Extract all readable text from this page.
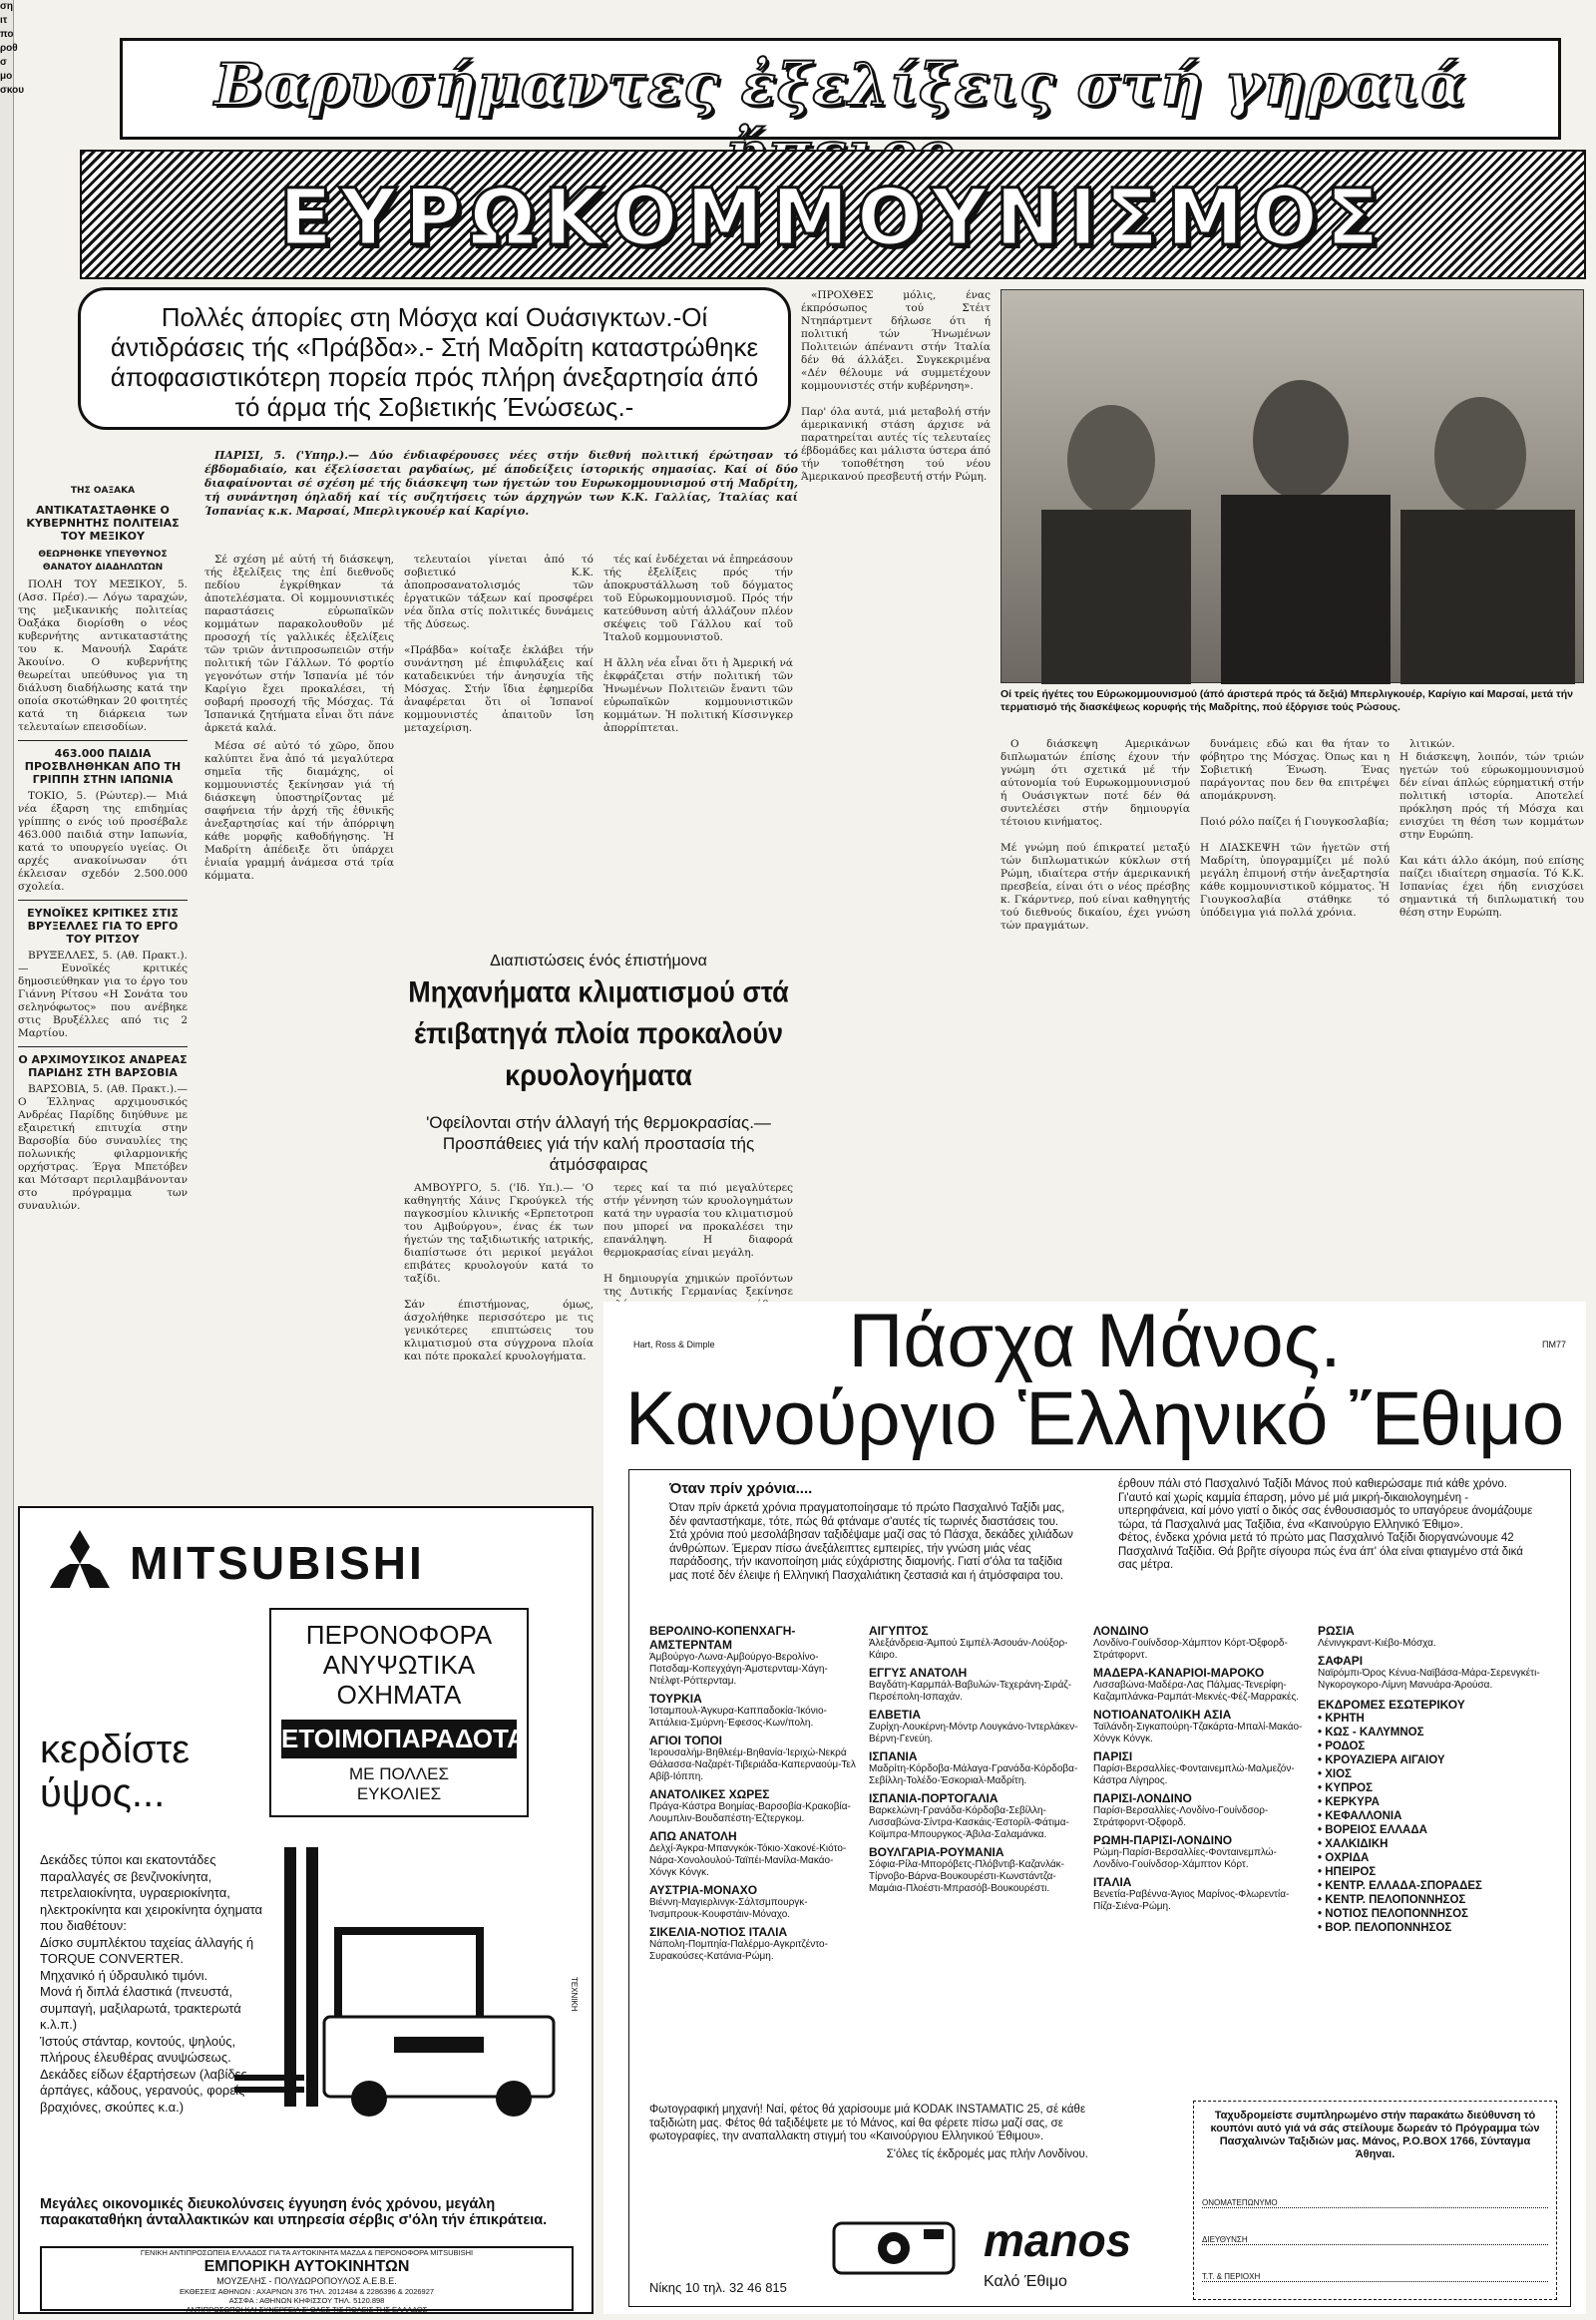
ση
ιτ
πο
ροθ
σ
μο
σκου
ΤΗΣ ΟΑΞΑΚΑ
ΑΝΤΙΚΑΤΑΣΤΑΘΗΚΕ Ο ΚΥΒΕΡΝΗΤΗΣ ΠΟΛΙΤΕΙΑΣ ΤΟΥ ΜΕΞΙΚΟΥ
ΘΕΩΡΗΘΗΚΕ ΥΠΕΥΘΥΝΟΣ ΘΑΝΑΤΟΥ ΔΙΑΔΗΛΩΤΩΝ

ΠΟΛΗ ΤΟΥ ΜΕΞΙΚΟΥ, 5. (Ασσ. Πρέσ).— Λόγω ταραχών, της μεξικανικής πολιτείας Όαξάκα διορίσθη ο νέος κυβερνήτης αντικαταστάτης του κ. Μανουήλ Σαράτε Άκουίνο. Ο κυβερνήτης θεωρείται υπεύθυνος για τη διάλυση διαδήλωσης κατά την οποία σκοτώθηκαν 20 φοιτητές κατά τη διάρκεια των τελευταίων επεισοδίων.

463.000 ΠΑΙΔΙΑ ΠΡΟΣΒΛΗΘΗΚΑΝ ΑΠΟ ΤΗ ΓΡΙΠΠΗ ΣΤΗΝ ΙΑΠΩΝΙΑ

ΤΟΚΙΟ, 5. (Ρώυτερ).— Μιά νέα έξαρση της επιδημίας γρίππης ο ενός ιού προσέβαλε 463.000 παιδιά στην Ιαπωνία, κατά το υπουργείο υγείας. Οι αρχές ανακοίνωσαν ότι έκλεισαν σχεδόν 2.500.000 σχολεία.

ΕΥΝΟΪΚΕΣ ΚΡΙΤΙΚΕΣ ΣΤΙΣ ΒΡΥΞΕΛΛΕΣ ΓΙΑ ΤΟ ΕΡΓΟ ΤΟΥ ΡΙΤΣΟΥ

ΒΡΥΞΕΛΛΕΣ, 5. (Αθ. Πρακτ.).— Ευνοϊκές κριτικές δημοσιεύθηκαν για το έργο του Γιάννη Ρίτσου «Η Σονάτα του σεληνόφωτος» που ανέβηκε στις Βρυξέλλες από τις 2 Μαρτίου.

Ο ΑΡΧΙΜΟΥΣΙΚΟΣ ΑΝΔΡΕΑΣ ΠΑΡΙΔΗΣ ΣΤΗ ΒΑΡΣΟΒΙΑ

ΒΑΡΣΟΒΙΑ, 5. (Αθ. Πρακτ.).— Ο Έλληνας αρχιμουσικός Ανδρέας Παρίδης διηύθυνε με εξαιρετική επιτυχία στην Βαρσοβία δύο συναυλίες της πολωνικής φιλαρμονικής ορχήστρας. Έργα Μπετόβεν και Μότσαρτ περιλαμβάνονταν στο πρόγραμμα των συναυλιών.

Βαρυσήμαντες ἐξελίξεις στή γηραιά
ΕΥΡΩΚΟΜΜΟΥΝΙΣΜΟΣ
Πολλές άπορίες στη Μόσχα καί Ουάσιγκτων.-Οί άντιδράσεις τής «Πράβδα».- Στή Μαδρίτη καταστρώθηκε άποφασιστικότερη πορεία πρός πλήρη άνεξαρτησία άπό τό άρμα τής Σοβιετικής Ένώσεως.-

ΠΑΡΙΣΙ, 5. ('Υπηρ.).— Δύο ένδιαφέρουσες νέες στήν διεθνή πολιτική έρώτησαν τό έβδομαδιαίο, και έξελίσσεται ραγδαίως, μέ άποδείξεις ίστορικής σημασίας. Καί οί δύο διαφαίνονται σέ σχέση μέ τής διάσκεψη των ήγετών του Ευρωκομμουνισμού στή Μαδρίτη, τή συνάντηση όηλαδή καί τίς συζητήσεις τών άρχηγών των Κ.Κ. Γαλλίας, Ίταλίας καί Ίσπανίας κ.κ. Μαρσαί, Μπερλιγκουέρ καί Καρίγιο.

Σέ σχέση μέ αὐτή τή διάσκεψη, τής ἐξελίξεις της ἐπί διεθνοῦς πεδίου ἐγκρίθηκαν τά ἀποτελέσματα. Οἱ κομμουνιστικές παραστάσεις εὐρωπαϊκῶν κομμάτων παρακολουθοῦν μέ προσοχή τίς γαλλικές ἐξελίξεις τῶν τριῶν ἀντιπροσωπειῶν στήν πολιτική τῶν Γάλλων. Τό φορτίο γεγονότων στήν Ἰσπανία μέ τόν Καρίγιο ἔχει προκαλέσει, τή σοβαρή προσοχή τῆς Μόσχας. Τά Ἰσπανικά ζητήματα εἶναι ὅτι πάνε ἀρκετά καλά.

Μέσα σέ αὐτό τό χῶρο, ὅπου καλύπτει ἕνα ἀπό τά μεγαλύτερα σημεῖα τῆς διαμάχης, οἱ κομμουνιστές ξεκίνησαν γιά τή διάσκεψη ὑποστηρίζοντας μέ σαφήνεια τήν ἀρχή τῆς ἐθνικῆς ἀνεξαρτησίας καί τήν ἀπόρριψη κάθε μορφῆς καθοδήγησης. Ἡ Μαδρίτη ἀπέδειξε ὅτι ὑπάρχει ἑνιαία γραμμή ἀνάμεσα στά τρία κόμματα.

τελευταίοι γίνεται ἀπό τό σοβιετικό Κ.Κ. ἀποπροσανατολισμός τῶν ἐργατικῶν τάξεων καί προσφέρει νέα ὅπλα στίς πολιτικές δυνάμεις τῆς Δύσεως.

«Πράβδα» κοίταξε ἐκλάβει τήν συνάντηση μέ ἐπιφυλάξεις καί καταδεικνύει τήν ἀνησυχία τῆς Μόσχας. Στήν ἴδια ἐφημερίδα ἀναφέρεται ὅτι οἱ Ἰσπανοί κομμουνιστές ἀπαιτοῦν ἴση μεταχείριση.

τές καί ἐνδέχεται νά ἐπηρεάσουν τής ἐξελίξεις πρός τήν ἀποκρυστάλλωση τοῦ δόγματος τοῦ Εὐρωκομμουνισμοῦ. Πρός τήν κατεύθυνση αὐτή ἀλλάζουν πλέον σκέψεις τοῦ Γάλλου καί τοῦ Ἰταλοῦ κομμουνιστοῦ.

Η ἄλλη νέα εἶναι ὅτι ἡ Ἀμερική νά ἐκφράζεται στήν πολιτική τῶν Ἡνωμένων Πολιτειῶν ἔναντι τῶν εὐρωπαϊκῶν κομμουνιστικῶν κομμάτων. Ἡ πολιτική Κίσσινγκερ ἀπορρίπτεται.

«ΠΡΟΧΘΕΣ μόλις, ένας έκπρόσωπος τού Στέιτ Ντηπάρτμεντ δήλωσε ότι ή πολιτική τών Ήνωμένων Πολιτειών άπέναντι στήν Ίταλία δέν θά άλλάξει. Συγκεκριμένα «Δέν θέλουμε νά συμμετέχουν κομμουνιστές στήν κυβέρνηση».

Παρ' όλα αυτά, μιά μεταβολή στήν άμερικανική στάση άρχισε νά παρατηρείται αυτές τίς τελευταίες έβδομάδες και μάλιστα ύστερα άπό τήν τοποθέτηση τού νέου Άμερικανού πρεσβευτή στήν Ρώμη.

Οί τρείς ήγέτες του Εύρωκομμουνισμού (άπό άριστερά πρός τά δεξιά) Μπερλιγκουέρ, Καρίγιο καί Μαρσαί, μετά τήν τερματισμό τής διασκέψεως κορυφής τής Μαδρίτης, πού έξόργισε τούς Ρώσους.

Ο διάσκεψη Αμερικάνων διπλωματών έπίσης έχουν τήν γνώμη ότι σχετικά μέ τήν αύτονομία τού Ευρωκομμουνισμού ή Ουάσιγκτων ποτέ δέν θά συντελέσει στήν δημιουργία τέτοιου κινήματος.

Μέ γνώμη πού έπικρατεί μεταξύ τών διπλωματικών κύκλων στή Ρώμη, ιδιαίτερα στήν άμερικανική πρεσβεία, είναι ότι ο νέος πρέσβης κ. Γκάρντνερ, πού είναι καθηγητής τού διεθνούς δικαίου, έχει γνώση τών πραγμάτων.

δυνάμεις εδώ και θα ήταν το φόβητρο της Μόσχας. Όπως και η Σοβιετική Ένωση. Ένας παράγοντας που δεν θα επιτρέψει απομάκρυνση.

Ποιό ρόλο παίζει ή Γιουγκοσλαβία;

Η ΔΙΑΣΚΕΨΗ τῶν ἡγετῶν στή Μαδρίτη, ὑπογραμμίζει μέ πολύ μεγάλη ἐπιμονή στήν ἀνεξαρτησία κάθε κομμουνιστικοῦ κόμματος. Ἡ Γιουγκοσλαβία στάθηκε τό ὑπόδειγμα γιά πολλά χρόνια.

λιτικών.
Η διάσκεψη, λοιπόν, τών τριών ηγετών τού εύρωκομμουνισμού δέν είναι άπλώς εύρηματική στήν πολιτική ιστορία. Αποτελεί πρόκληση πρός τή Μόσχα και ενισχύει τη θέση των κομμάτων στην Ευρώπη.

Και κάτι άλλο άκόμη, πού επίσης παίζει ιδιαίτερη σημασία. Τό Κ.Κ. Ισπανίας έχει ήδη ενισχύσει σημαντικά τή διπλωματική του θέση στην Ευρώπη.

Διαπιστώσεις ένός έπιστήμονα
Μηχανήματα κλιματισμού στά έπιβατηγά πλοία προκαλούν κρυολογήματα
'Οφείλονται στήν άλλαγή τής θερμοκρασίας.— Προσπάθειες γιά τήν καλή προστασία τής άτμόσφαιρας

ΑΜΒΟΥΡΓΟ, 5. ('Ιδ. Υπ.).— 'Ο καθηγητής Χάινς Γκρούγκελ τής παγκοσμίου κλινικής «Ερπετοτροπ του Αμβούργου», ένας έκ των ήγετών της ταξιδιωτικής ιατρικής, διαπίστωσε ότι μερικοί μεγάλοι επιβάτες κρυολογούν κατά το ταξίδι.

Σάν έπιστήμονας, όμως, άσχολήθηκε περισσότερο με τις γενικότερες επιπτώσεις του κλιματισμού στα σύγχρονα πλοία και πότε προκαλεί κρυολογήματα.

τερες καί τα πιό μεγαλύτερες στήν γέννηση τών κρυολογημάτων κατά την υγρασία του κλιματισμού που μπορεί να προκαλέσει την επανάληψη. Η διαφορά θερμοκρασίας είναι μεγάλη.

Η δημιουργία χημικών προϊόντων της Δυτικής Γερμανίας ξεκίνησε

MITSUBISHI
κερδίστε ύψος...
ΠΕΡΟΝΟΦΟΡΑ ΑΝΥΨΩΤΙΚΑ ΟΧΗΜΑΤΑ
ΕΤΟΙΜΟΠΑΡΑΔΟΤΑ
ΜΕ ΠΟΛΛΕΣ ΕΥΚΟΛΙΕΣ
ΤΕΧΝΙΚΗ
Δεκάδες τύποι και εκατοντάδες παραλλαγές σε βενζινοκίνητα, πετρελαιοκίνητα, υγραεριοκίνητα, ηλεκτροκίνητα και χειροκίνητα όχηματα που διαθέτουν:
Δίσκο συμπλέκτου ταχείας άλλαγής ή TORQUE CONVERTER.
Μηχανικό ή ύδραυλικό τιμόνι.
Μονά ή διπλά έλαστικά (πνευστά, συμπαγή, μαξιλαρωτά, τρακτερωτά κ.λ.π.)
Ίστούς στάνταρ, κοντούς, ψηλούς, πλήρους έλευθέρας ανυψώσεως.
Δεκάδες είδων έξαρτήσεων (λαβίδες, άρπάγες, κάδους, γερανούς, φορείς βραχιόνες, σκούπες κ.α.)
Μεγάλες οικονομικές διευκολύνσεις έγγυηση ένός χρόνου, μεγάλη παρακαταθήκη άνταλλακτικών και υπηρεσία σέρβις σ'όλη τήν έπικράτεια.
ΓΕΝΙΚΗ ΑΝΤΙΠΡΟΣΩΠΕΙΑ ΕΛΛΑΔΟΣ ΓΙΑ ΤΑ ΑΥΤΟΚΙΝΗΤΑ ΜΑΖΔΑ & ΠΕΡΟΝΟΦΟΡΑ MITSUBISHI
ΕΜΠΟΡΙΚΗ ΑΥΤΟΚΙΝΗΤΩΝ
ΜΟΥΖΕΛΗΣ - ΠΟΛΥΔΩΡΟΠΟΥΛΟΣ Α.Ε.Β.Ε.
ΕΚΘΕΣΕΙΣ ΑΘΗΝΩΝ : ΑΧΑΡΝΩΝ 376 ΤΗΛ. 2012484 & 2286396 & 2026927
ΑΣΣΦΑ : ΑΘΗΝΩΝ ΚΗΦΙΣΣΟΥ ΤΗΛ. 5120.898
ΑΝΤΙΠΡΟΣΩΠΟΙ ΚΑΙ ΣΥΝΕΡΓΕΙΑ Σ' ΟΛΕΣ ΤΙΣ ΠΟΛΕΙΣ ΤΗΣ ΕΛΛΑΔΟΣ
Hart, Ross & Dimple	ΠΜ77
Πάσχα Μάνος.
Καινούργιο Ἑλληνικό Ἔθιμο
Όταν πρίν χρόνια....
Όταν πρίν άρκετά χρόνια πραγματοποίησαμε τό πρώτο Πασχαλινό Ταξίδι μας, δέν φανταστήκαμε, τότε, πώς θά φτάναμε σ'αυτές τίς τωρινές διαστάσεις του.
Στά χρόνια πού μεσολάβησαν ταξιδέψαμε μαζί σας τό Πάσχα, δεκάδες χιλιάδων άνθρώπων. Έμεραν πίσω άνεξάλειπτες εμπειρίες, τήν γνώση μιάς νέας παράδοσης, τήν ικανοποίηση μιάς εύχάριστης διαμονής. Γιατί σ'όλα τα ταξίδια μας ποτέ δέν έλειψε ή Ελληνική Πασχαλιάτικη ζεστασιά και ή άτμόσφαιρα του.
έρθουν πάλι στό Πασχαλινό Ταξίδι Μάνος πού καθιερώσαμε πιά κάθε χρόνο.
Γι'αυτό καί χωρίς καμμία έπαρση, μόνο μέ μιά μικρή-δικαιολογημένη - υπερηφάνεια, καί μόνο γιατί ο δικός σας ένθουσιασμός το υπαγόρευε άνομάζουμε τώρα, τά Πασχαλινά μας Ταξίδια, ένα «Καινούργιο Ελληνικό Έθιμο».
Φέτος, ένδεκα χρόνια μετά τό πρώτο μας Πασχαλινό Ταξίδι διοργανώνουμε 42 Πασχαλινά Ταξίδια. Θά βρῆτε σίγουρα πώς ένα άπ' όλα είναι φτιαγμένο στά δικά σας μέτρα.
ΒΕΡΟΛΙΝΟ-ΚΟΠΕΝΧΑΓΗ-ΑΜΣΤΕΡΝΤΑΜ
Άμβούργο-Λωνα-Αμβούργο-Βερολίνο-Ποτσδαμ-Κοπεγχάγη-Άμστερνταμ-Χάγη-Ντέλφτ-Ρόττερνταμ.
ΤΟΥΡΚΙΑ
Ίσταμπουλ-Άγκυρα-Καππαδοκία-Ίκόνιο-Άττάλεια-Σμύρνη-Έφεσος-Κων/πολη.
ΑΓΙΟΙ ΤΟΠΟΙ
Ίερουσαλήμ-Βηθλεέμ-Βηθανία-Ίεριχώ-Νεκρά Θάλασσα-Ναζαρέτ-Τιβεριάδα-Καπερναούμ-Τελ Αβίβ-Ιόππη.
ΑΝΑΤΟΛΙΚΕΣ ΧΩΡΕΣ
Πράγα-Κάστρα Βοημίας-Βαρσοβία-Κρακοβία-Λουμπλιν-Βουδαπέστη-Έζτεργκομ.
ΑΠΩ ΑΝΑΤΟΛΗ
Δελχί-Άγκρα-Μπανγκόκ-Τόκιο-Χακονέ-Κιότο-Νάρα-Χονολουλού-Ταϊπέι-Μανίλα-Μακάο-Χόνγκ Κόνγκ.
ΑΥΣΤΡΙΑ-ΜΟΝΑΧΟ
Βιέννη-Μαγιερλινγκ-Σάλτσμπουργκ-Ίνσμπρουκ-Κουφστάιν-Μόναχο.
ΣΙΚΕΛΙΑ-ΝΟΤΙΟΣ ΙΤΑΛΙΑ
Νάπολη-Πομπηία-Παλέρμο-Αγκριτζέντο-Συρακούσες-Κατάνια-Ρώμη.
ΑΙΓΥΠΤΟΣ
Άλεξάνδρεια-Άμπού Σιμπέλ-Άσουάν-Λούξορ-Κάιρο.
ΕΓΓΥΣ ΑΝΑΤΟΛΗ
Βαγδάτη-Καρμπάλ-Βαβυλών-Τεχεράνη-Σιράζ-Περσέπολη-Ισπαχάν.
ΕΛΒΕΤΙΑ
Ζυρίχη-Λουκέρνη-Μόντρ Λουγκάνο-Ίντερλάκεν-Βέρνη-Γενεύη.
ΙΣΠΑΝΙΑ
Μαδρίτη-Κόρδοβα-Μάλαγα-Γρανάδα-Κόρδοβα-Σεβίλλη-Τολέδο-Έσκοριαλ-Μαδρίτη.
ΙΣΠΑΝΙΑ-ΠΟΡΤΟΓΑΛΙΑ
Βαρκελώνη-Γρανάδα-Κόρδοβα-Σεβίλλη-Λισσαβώνα-Σίντρα-Κασκάις-Έστορίλ-Φάτιμα-Κοϊμπρα-Μπουργκος-Άβιλα-Σαλαμάνκα.
ΒΟΥΛΓΑΡΙΑ-ΡΟΥΜΑΝΙΑ
Σόφια-Ρίλα-Μπορόβετς-Πλόβντιβ-Καζανλάκ-Τίρνοβο-Βάρνα-Βουκουρέστι-Κωνστάντζα-Μαμάια-Πλοέστι-Μπρασόβ-Βουκουρέστι.
ΛΟΝΔΙΝΟ
Λονδίνο-Γουίνδσορ-Χάμπτον Κόρτ-Όξφορδ-Στράτφορντ.
ΜΑΔΕΡΑ-ΚΑΝΑΡΙΟΙ-ΜΑΡΟΚΟ
Λισσαβώνα-Μαδέρα-Λας Πάλμας-Τενερίφη-Καζαμπλάνκα-Ραμπάτ-Μεκνές-Φέζ-Μαρρακές.
ΝΟΤΙΟΑΝΑΤΟΛΙΚΗ ΑΣΙΑ
Ταϊλάνδη-Σιγκαπούρη-Τζακάρτα-Μπαλί-Μακάο-Χόνγκ Κόνγκ.
ΠΑΡΙΣΙ
Παρίσι-Βερσαλλίες-Φονταινεμπλώ-Μαλμεζόν-Κάστρα Λίγηρος.
ΠΑΡΙΣΙ-ΛΟΝΔΙΝΟ
Παρίσι-Βερσαλλίες-Λονδίνο-Γουίνδσορ-Στράτφορντ-Όξφορδ.
ΡΩΜΗ-ΠΑΡΙΣΙ-ΛΟΝΔΙΝΟ
Ρώμη-Παρίσι-Βερσαλλίες-Φονταινεμπλώ-Λονδίνο-Γουίνδσορ-Χάμπτον Κόρτ.
ΙΤΑΛΙΑ
Βενετία-Ραβέννα-Άγιος Μαρίνος-Φλωρεντία-Πίζα-Σιένα-Ρώμη.
ΡΩΣΙΑ
Λένινγκραντ-Κιέβο-Μόσχα.
ΣΑΦΑΡΙ
Ναϊρόμπι-Όρος Κένυα-Ναϊβάσα-Μάρα-Σερενγκέτι-Νγκορογκορο-Λίμνη Μανυάρα-Άρούσα.
ΕΚΔΡΟΜΕΣ ΕΣΩΤΕΡΙΚΟΥ
• ΚΡΗΤΗ
• ΚΩΣ - ΚΑΛΥΜΝΟΣ
• ΡΟΔΟΣ
• ΚΡΟΥΑΖΙΕΡΑ ΑΙΓΑΙΟΥ
• ΧΙΟΣ
• ΚΥΠΡΟΣ
• ΚΕΡΚΥΡΑ
• ΚΕΦΑΛΛΟΝΙΑ
• ΒΟΡΕΙΟΣ ΕΛΛΑΔΑ
• ΧΑΛΚΙΔΙΚΗ
• ΟΧΡΙΔΑ
• ΗΠΕΙΡΟΣ
• ΚΕΝΤΡ. ΕΛΛΑΔΑ-ΣΠΟΡΑΔΕΣ
• ΚΕΝΤΡ. ΠΕΛΟΠΟΝΝΗΣΟΣ
• ΝΟΤΙΟΣ ΠΕΛΟΠΟΝΝΗΣΟΣ
• ΒΟΡ. ΠΕΛΟΠΟΝΝΗΣΟΣ
Φωτογραφική μηχανή! Ναί, φέτος θά χαρίσουμε μιά ΚΟDΑΚ INSTAMATIC 25, σέ κάθε ταξιδιώτη μας. Φέτος θά ταξιδέψετε με τό Μάνος, καί θα φέρετε πίσω μαζί σας, σε φωτογραφίες, την αναπαλλακτη στιγμή του «Καινούργιου Ελληνικού Έθιμου».
Σ'όλες τίς έκδρομές μας πλήν Λονδίνου.
Νίκης 10 τηλ. 32 46 815
manos
Καλό Έθιμο
Ταχυδρομείστε συμπληρωμένο στήν παρακάτω διεύθυνση τό κουπόνι αυτό γιά νά σάς στείλουμε δωρεάν τό Πρόγραμμα τών Πασχαλινών Ταξιδιών μας. Μάνος, Ρ.Ο.ΒΟΧ 1766, Σύνταγμα Άθηναι.
ΟΝΟΜΑΤΕΠΩΝΥΜΟ
ΔΙΕΥΘΥΝΣΗ
Τ.Τ. & ΠΕΡΙΟΧΗ
